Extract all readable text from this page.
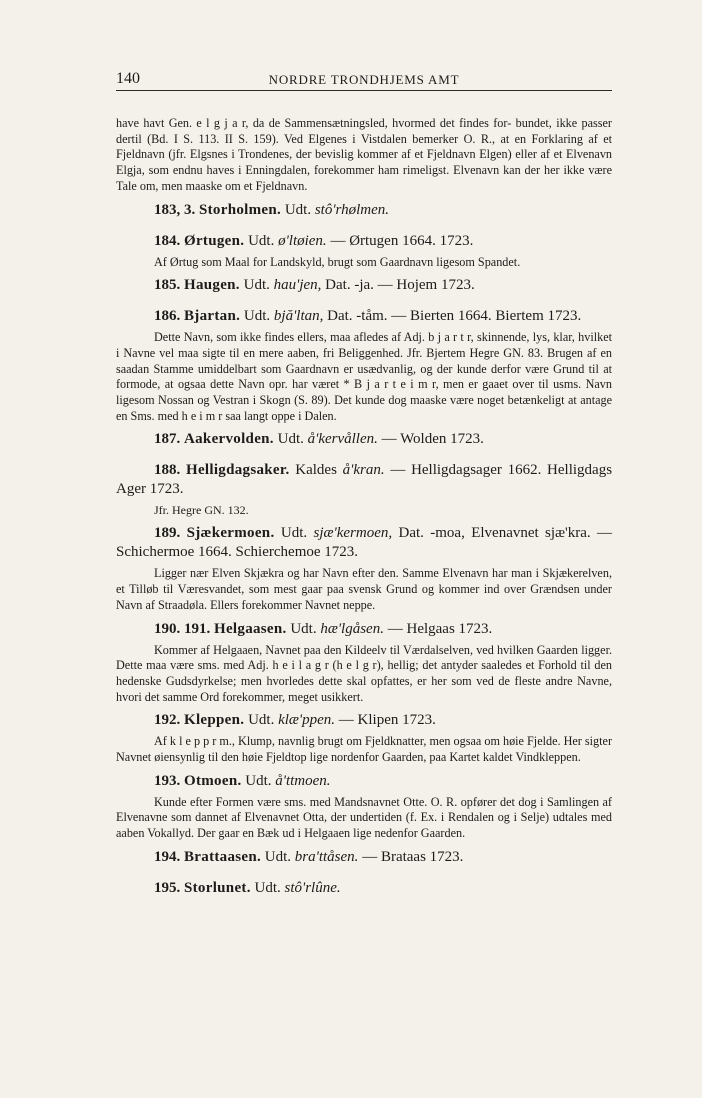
140	NORDRE TRONDHJEMS AMT

have havt Gen. e l g j a r, da de Sammensætningsled, hvormed det findes for- bundet, ikke passer dertil (Bd. I S. 113. II S. 159). Ved Elgenes i Vistdalen bemerker O. R., at en Forklaring af et Fjeldnavn (jfr. Elgsnes i Trondenes, der bevislig kommer af et Fjeldnavn Elgen) eller af et Elvenavn Elgja, som endnu haves i Enningdalen, forekommer ham rimeligst. Elvenavn kan der her ikke være Tale om, men maaske om et Fjeldnavn.

183, 3. Storholmen. Udt. stô'rhølmen.
184. Ørtugen. Udt. ø'ltøien. — Ørtugen 1664. 1723.

Af Ørtug som Maal for Landskyld, brugt som Gaardnavn ligesom Spandet.

185. Haugen. Udt. hau'jen, Dat. -ja. — Hojem 1723.
186. Bjartan. Udt. bjă'ltan, Dat. -tåm. — Bierten 1664. Biertem 1723.

Dette Navn, som ikke findes ellers, maa afledes af Adj. b j a r t r, skinnende, lys, klar, hvilket i Navne vel maa sigte til en mere aaben, fri Beliggenhed. Jfr. Bjertem Hegre GN. 83. Brugen af en saadan Stamme umiddelbart som Gaardnavn er usædvanlig, og der kunde derfor være Grund til at formode, at ogsaa dette Navn opr. har været * B j a r t e i m r, men er gaaet over til usms. Navn ligesom Nossan og Vestran i Skogn (S. 89). Det kunde dog maaske være noget betænkeligt at antage en Sms. med h e i m r saa langt oppe i Dalen.

187. Aakervolden. Udt. å'kervållen. — Wolden 1723.
188. Helligdagsaker. Kaldes å'kran. — Helligdagsager 1662. Helligdags Ager 1723.

Jfr. Hegre GN. 132.

189. Sjækermoen. Udt. sjæ'kermoen, Dat. -moa, Elvenavnet sjæ'kra. — Schichermoe 1664. Schierchemoe 1723.

Ligger nær Elven Skjækra og har Navn efter den. Samme Elvenavn har man i Skjækerelven, et Tilløb til Væresvandet, som mest gaar paa svensk Grund og kommer ind over Grændsen under Navn af Straadøla. Ellers forekommer Navnet neppe.

190. 191. Helgaasen. Udt. hæ'lgåsen. — Helgaas 1723.

Kommer af Helgaaen, Navnet paa den Kildeelv til Værdalselven, ved hvilken Gaarden ligger. Dette maa være sms. med Adj. h e i l a g r (h e l g r), hellig; det antyder saaledes et Forhold til den hedenske Gudsdyrkelse; men hvorledes dette skal opfattes, er her som ved de fleste andre Navne, hvori det samme Ord forekommer, meget usikkert.

192. Kleppen. Udt. klæ'ppen. — Klipen 1723.

Af k l e p p r m., Klump, navnlig brugt om Fjeldknatter, men ogsaa om høie Fjelde. Her sigter Navnet øiensynlig til den høie Fjeldtop lige nordenfor Gaarden, paa Kartet kaldet Vindkleppen.

193. Otmoen. Udt. å'ttmoen.

Kunde efter Formen være sms. med Mandsnavnet Otte. O. R. opfører det dog i Samlingen af Elvenavne som dannet af Elvenavnet Otta, der undertiden (f. Ex. i Rendalen og i Selje) udtales med aaben Vokallyd. Der gaar en Bæk ud i Helgaaen lige nedenfor Gaarden.

194. Brattaasen. Udt. bra'ttåsen. — Brataas 1723.
195. Storlunet. Udt. stô'rlûne.
